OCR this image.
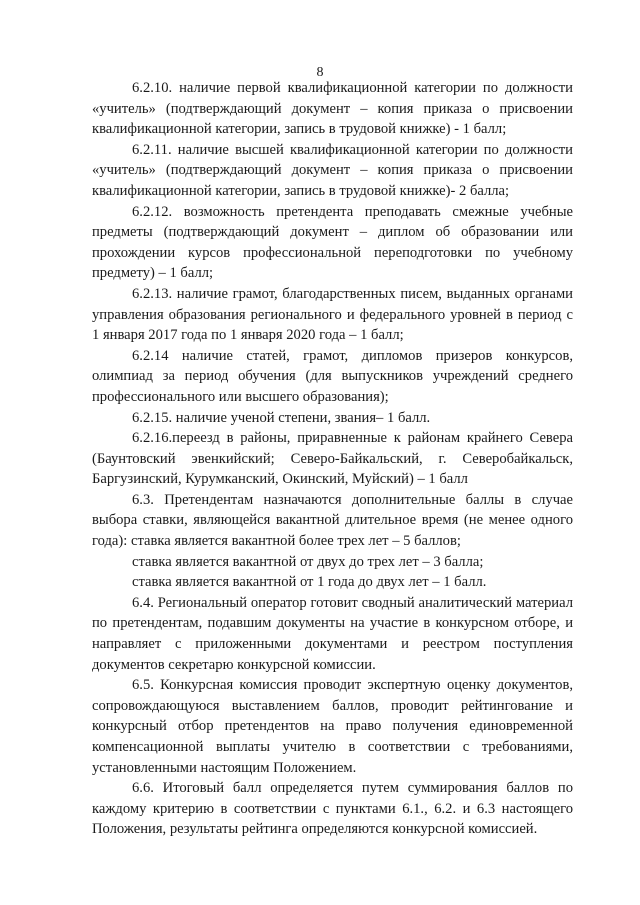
8

6.2.10. наличие первой квалификационной категории по должности «учитель» (подтверждающий документ – копия приказа о присвоении квалификационной категории, запись в трудовой книжке) - 1 балл;

6.2.11. наличие высшей квалификационной категории по должности «учитель» (подтверждающий документ – копия приказа о присвоении квалификационной категории, запись в трудовой книжке)- 2 балла;

6.2.12. возможность претендента преподавать смежные учебные предметы (подтверждающий документ – диплом об образовании или прохождении курсов профессиональной переподготовки по учебному предмету) – 1 балл;

6.2.13. наличие грамот, благодарственных писем, выданных органами управления образования регионального и федерального уровней в период с 1 января 2017 года по 1 января 2020 года – 1 балл;

6.2.14 наличие статей, грамот, дипломов призеров конкурсов, олимпиад за период обучения (для выпускников учреждений среднего профессионального или высшего образования);

6.2.15. наличие ученой степени, звания– 1 балл.

6.2.16.переезд в районы, приравненные к районам крайнего Севера (Баунтовский эвенкийский; Северо-Байкальский, г. Северобайкальск, Баргузинский, Курумканский, Окинский, Муйский) – 1 балл

6.3. Претендентам назначаются дополнительные баллы в случае выбора ставки, являющейся вакантной длительное время (не менее одного года): ставка является вакантной более трех лет – 5 баллов;

ставка является вакантной от двух до трех лет – 3 балла;

ставка является вакантной от 1 года до двух лет – 1 балл.

6.4. Региональный оператор готовит сводный аналитический материал по претендентам, подавшим документы на участие в конкурсном отборе, и направляет с приложенными документами и реестром поступления документов секретарю конкурсной комиссии.

6.5. Конкурсная комиссия проводит экспертную оценку документов, сопровождающуюся выставлением баллов, проводит рейтингование и конкурсный отбор претендентов на право получения единовременной компенсационной выплаты учителю в соответствии с требованиями, установленными настоящим Положением.

6.6. Итоговый балл определяется путем суммирования баллов по каждому критерию в соответствии с пунктами 6.1., 6.2. и 6.3 настоящего Положения, результаты рейтинга определяются конкурсной комиссией.
